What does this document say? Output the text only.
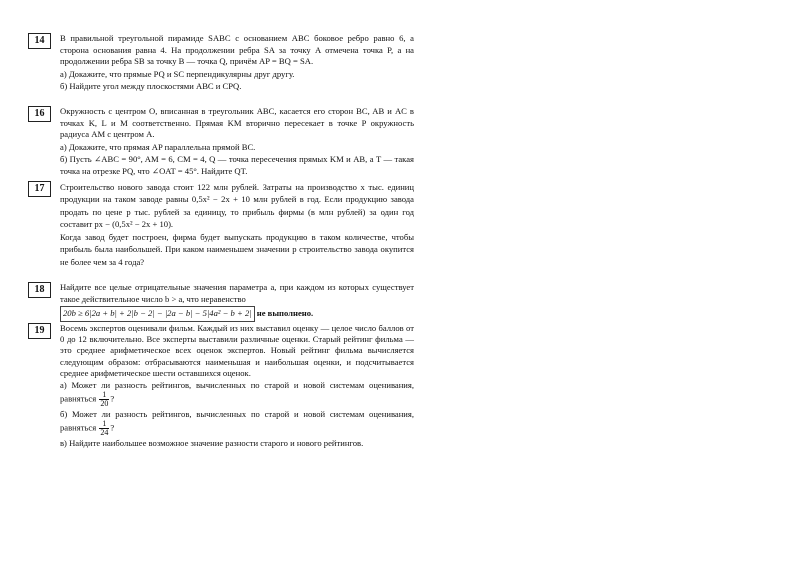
14	В правильной треугольной пирамиде SABC с основанием ABC боковое ребро равно 6, а сторона основания равна 4. На продолжении ребра SA за точку A отмечена точка P, а на продолжении ребра SB за точку B — точка Q, причём AP = BQ = SA.

а) Докажите, что прямые PQ и SC перпендикулярны друг другу.

б) Найдите угол между плоскостями ABC и CPQ.

16	Окружность с центром O, вписанная в треугольник ABC, касается его сторон BC, AB и AC в точках K, L и M соответственно. Прямая KM вторично пересекает в точке P окружность радиуса AM с центром A.

а) Докажите, что прямая AP параллельна прямой BC.

б) Пусть ∠ABC = 90°, AM = 6, CM = 4, Q — точка пересечения прямых KM и AB, а T — такая точка на отрезке PQ, что ∠OAT = 45°. Найдите QT.

17	Строительство нового завода стоит 122 млн рублей. Затраты на производство x тыс. единиц продукции на таком заводе равны 0,5x² − 2x + 10 млн рублей в год. Если продукцию завода продать по цене p тыс. рублей за единицу, то прибыль фирмы (в млн рублей) за один год составит px − (0,5x² − 2x + 10).

Когда завод будет построен, фирма будет выпускать продукцию в таком количестве, чтобы прибыль была наибольшей. При каком наименьшем значении p строительство завода окупится не более чем за 4 года?

18	Найдите все целые отрицательные значения параметра a, при каждом из которых существует такое действительное число b > a, что неравенство

20b ≥ 6|2a + b| + 2|b − 2| − |2a − b| − 5|4a² − b + 2| не выполнено.

19	Восемь экспертов оценивали фильм. Каждый из них выставил оценку — целое число баллов от 0 до 12 включительно. Все эксперты выставили различные оценки. Старый рейтинг фильма — это среднее арифметическое всех оценок экспертов. Новый рейтинг фильма вычисляется следующим образом: отбрасываются наименьшая и наибольшая оценки, и подсчитывается среднее арифметическое шести оставшихся оценок.

а) Может ли разность рейтингов, вычисленных по старой и новой системам оценивания, равняться $\frac{1}{20}$ ?

б) Может ли разность рейтингов, вычисленных по старой и новой системам оценивания, равняться $\frac{1}{24}$ ?

в) Найдите наибольшее возможное значение разности старого и нового рейтингов.
